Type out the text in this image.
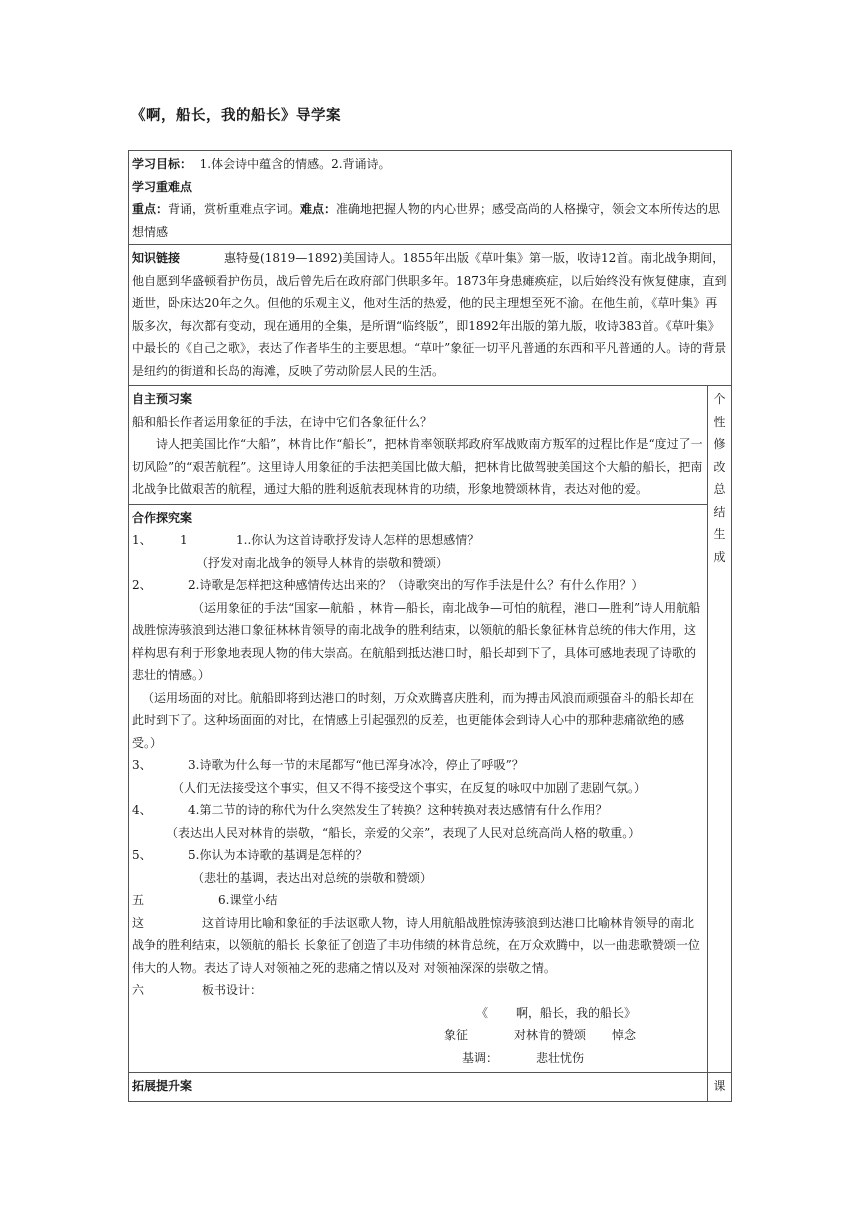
《啊，船长，我的船长》导学案

学习目标： 1.体会诗中蕴含的情感。2.背诵诗。

学习重难点

重点：背诵，赏析重难点字词。难点：准确地把握人物的内心世界；感受高尚的人格操守，领会文本所传达的思想情感

知识链接	惠特曼(1819—1892)美国诗人。1855年出版《草叶集》第一版，收诗12首。南北战争期间，他自愿到华盛顿看护伤员，战后曾先后在政府部门供职多年。1873年身患瘫痪症，以后始终没有恢复健康，直到逝世，卧床达20年之久。但他的乐观主义，他对生活的热爱，他的民主理想至死不渝。在他生前，《草叶集》再版多次，每次都有变动，现在通用的全集，是所谓“临终版”，即1892年出版的第九版，收诗383首。《草叶集》中最长的《自己之歌》，表达了作者毕生的主要思想。“草叶”象征一切平凡普通的东西和平凡普通的人。诗的背景是纽约的街道和长岛的海滩，反映了劳动阶层人民的生活。

自主预习案

船和船长作者运用象征的手法，在诗中它们各象征什么？

诗人把美国比作“大船”，林肯比作“船长”，把林肯率领联邦政府军战败南方叛军的过程比作是“度过了一切风险”的“艰苦航程”。这里诗人用象征的手法把美国比做大船，把林肯比做驾驶美国这个大船的船长，把南北战争比做艰苦的航程，通过大船的胜利返航表现林肯的功绩，形象地赞颂林肯，表达对他的爱。

合作探究案

1、 1	1..你认为这首诗歌抒发诗人怎样的思想感情？

（抒发对南北战争的领导人林肯的崇敬和赞颂）

2、	2.诗歌是怎样把这种感情传达出来的？（诗歌突出的写作手法是什么？有什么作用？）

（运用象征的手法“国家—航船 ，林肯—船长，南北战争—可怕的航程，港口—胜利”诗人用航船战胜惊涛骇浪到达港口象征林林肯领导的南北战争的胜利结束，以领航的船长象征林肯总统的伟大作用，这样构思有利于形象地表现人物的伟大崇高。在航船到抵达港口时，船长却到下了，具体可感地表现了诗歌的悲壮的情感。）

（运用场面的对比。航船即将到达港口的时刻，万众欢腾喜庆胜利，而为搏击风浪而顽强奋斗的船长却在此时到下了。这种场面面的对比，在情感上引起强烈的反差，也更能体会到诗人心中的那种悲痛欲绝的感受。）

3、	3.诗歌为什么每一节的末尾都写“他已浑身冰冷，停止了呼吸”？

（人们无法接受这个事实，但又不得不接受这个事实，在反复的咏叹中加剧了悲剧气氛。）

4、	4.第二节的诗的称代为什么突然发生了转换？这种转换对表达感情有什么作用？

（表达出人民对林肯的崇敬，“船长，亲爱的父亲”，表现了人民对总统高尚人格的敬重。）

5、	5.你认为本诗歌的基调是怎样的？

（悲壮的基调，表达出对总统的崇敬和赞颂）

五	6.课堂小结

这	这首诗用比喻和象征的手法讴歌人物，诗人用航船战胜惊涛骇浪到达港口比喻林肯领导的南北战争的胜利结束，以领航的船长 长象征了创造了丰功伟绩的林肯总统，在万众欢腾中，以一曲悲歌赞颂一位伟大的人物。表达了诗人对领袖之死的悲痛之情以及对 对领袖深深的崇敬之情。

六	板书设计：

《 啊，船长，我的船长》
象征	对林肯的赞颂 悼念
基调：	悲壮忧伤
个
性
修
改
总
结
生
成
拓展提升案	课
